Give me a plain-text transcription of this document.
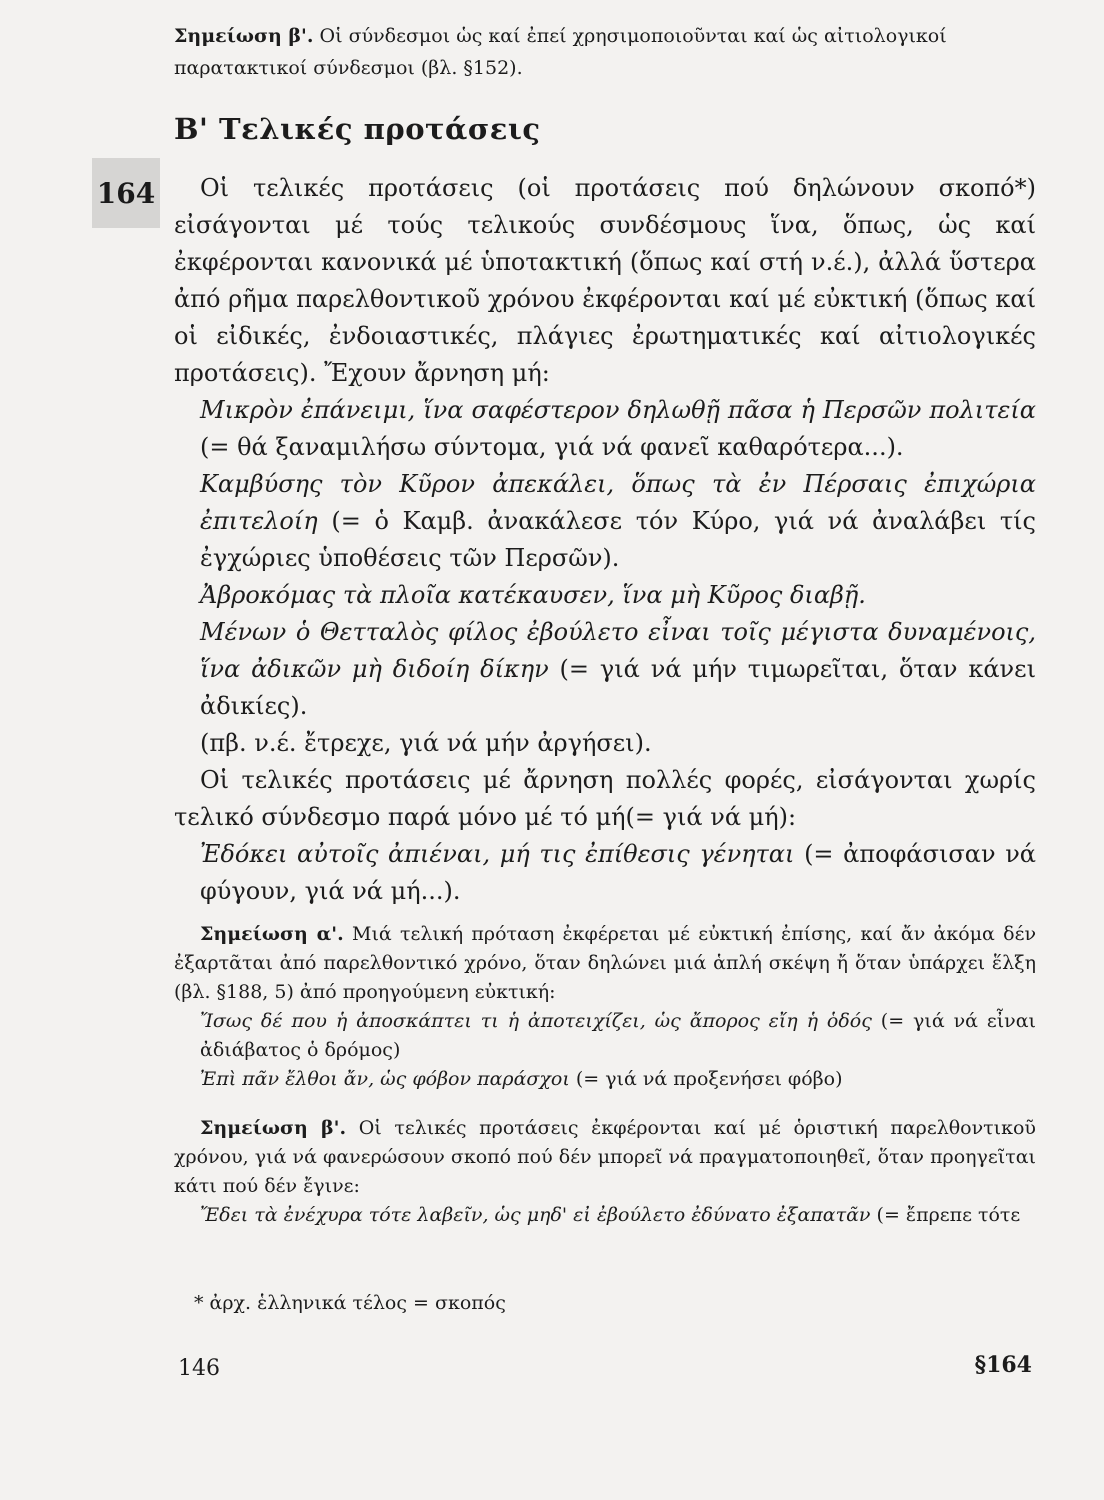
Σημείωση β'. Οἱ σύνδεσμοι ὡς καί ἐπεί χρησιμοποιοῦνται καί ὡς αἰτιολογικοί παρατακτικοί σύνδεσμοι (βλ. §152).
Β' Τελικές προτάσεις
164	Οἱ τελικές προτάσεις (οἱ προτάσεις πού δηλώνουν σκοπό*) εἰσάγονται μέ τούς τελικούς συνδέσμους ἵνα, ὅπως, ὡς καί ἐκφέρονται κανονικά μέ ὑποτακτική (ὅπως καί στή ν.έ.), ἀλλά ὕστερα ἀπό ρῆμα παρελθοντικοῦ χρόνου ἐκφέρονται καί μέ εὐκτική (ὅπως καί οἱ εἰδικές, ἐνδοιαστικές, πλάγιες ἐρωτηματικές καί αἰτιολογικές προτάσεις). Ἔχουν ἄρνηση μή:

Μικρὸν ἐπάνειμι, ἵνα σαφέστερον δηλωθῇ πᾶσα ἡ Περσῶν πολιτεία (= θά ξαναμιλήσω σύντομα, γιά νά φανεῖ καθαρότερα...).

Καμβύσης τὸν Κῦρον ἀπεκάλει, ὅπως τὰ ἐν Πέρσαις ἐπιχώρια ἐπιτελοίη (= ὁ Καμβ. ἀνακάλεσε τόν Κύρο, γιά νά ἀναλάβει τίς ἐγχώριες ὑποθέσεις τῶν Περσῶν).

Ἀβροκόμας τὰ πλοῖα κατέκαυσεν, ἵνα μὴ Κῦρος διαβῇ.

Μένων ὁ Θετταλὸς φίλος ἐβούλετο εἶναι τοῖς μέγιστα δυναμένοις, ἵνα ἀδικῶν μὴ διδοίη δίκην (= γιά νά μήν τιμωρεῖται, ὅταν κάνει ἀδικίες).

(πβ. ν.έ. ἔτρεχε, γιά νά μήν ἀργήσει).

Οἱ τελικές προτάσεις μέ ἄρνηση πολλές φορές, εἰσάγονται χωρίς τελικό σύνδεσμο παρά μόνο μέ τό μή(= γιά νά μή):

Ἐδόκει αὐτοῖς ἀπιέναι, μή τις ἐπίθεσις γένηται (= ἀποφάσισαν νά φύγουν, γιά νά μή...).

Σημείωση α'. Μιά τελική πρόταση ἐκφέρεται μέ εὐκτική ἐπίσης, καί ἄν ἀκόμα δέν ἐξαρτᾶται ἀπό παρελθοντικό χρόνο, ὅταν δηλώνει μιά ἁπλή σκέψη ἤ ὅταν ὑπάρχει ἕλξη (βλ. §188, 5) ἀπό προηγούμενη εὐκτική:

Ἴσως δέ που ἡ ἀποσκάπτει τι ἡ ἀποτειχίζει, ὡς ἄπορος εἴη ἡ ὁδός (= γιά νά εἶναι ἀδιάβατος ὁ δρόμος)

Ἐπὶ πᾶν ἔλθοι ἄν, ὡς φόβον παράσχοι (= γιά νά προξενήσει φόβο)

Σημείωση β'. Οἱ τελικές προτάσεις ἐκφέρονται καί μέ ὁριστική παρελθοντικοῦ χρόνου, γιά νά φανερώσουν σκοπό πού δέν μπορεῖ νά πραγματοποιηθεῖ, ὅταν προηγεῖται κάτι πού δέν ἔγινε:

Ἔδει τὰ ἐνέχυρα τότε λαβεῖν, ὡς μηδ' εἰ ἐβούλετο ἐδύνατο ἐξαπατᾶν (= ἔπρεπε τότε

* ἀρχ. ἑλληνικά τέλος = σκοπός
146	§164
